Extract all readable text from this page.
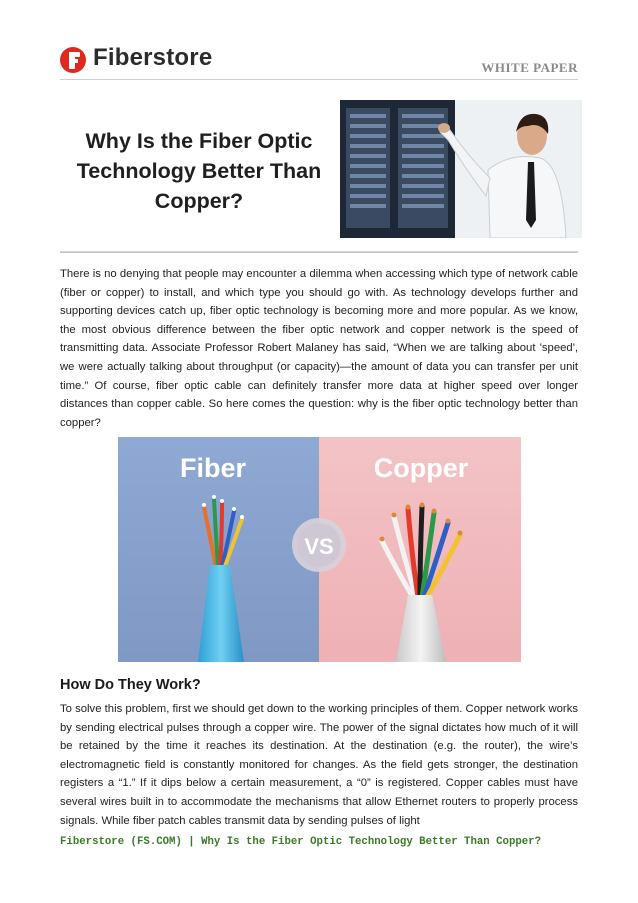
Fiberstore	WHITE PAPER
Why Is the Fiber Optic
Technology Better Than
Copper?

There is no denying that people may encounter a dilemma when accessing which type of network cable (fiber or copper) to install, and which type you should go with. As technology develops further and supporting devices catch up, fiber optic technology is becoming more and more popular. As we know, the most obvious difference between the fiber optic network and copper network is the speed of transmitting data. Associate Professor Robert Malaney has said, “When we are talking about 'speed', we were actually talking about throughput (or capacity)—the amount of data you can transfer per unit time.” Of course, fiber optic cable can definitely transfer more data at higher speed over longer distances than copper cable. So here comes the question: why is the fiber optic technology better than copper?

Fiber
VS
Copper
How Do They Work?

To solve this problem, first we should get down to the working principles of them. Copper network works by sending electrical pulses through a copper wire. The power of the signal dictates how much of it will be retained by the time it reaches its destination. At the destination (e.g. the router), the wire’s electromagnetic field is constantly monitored for changes. As the field gets stronger, the destination registers a “1.” If it dips below a certain measurement, a “0” is registered. Copper cables must have several wires built in to accommodate the mechanisms that allow Ethernet routers to properly process signals. While fiber patch cables transmit data by sending pulses of light

Fiberstore (FS.COM) | Why Is the Fiber Optic Technology Better Than Copper?
